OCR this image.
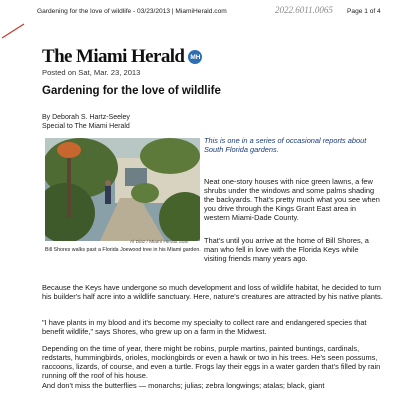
Gardening for the love of wildlife - 03/23/2013 | MiamiHerald.com	2022.6011.0065 Page 1 of 4
The Miami Herald MH
Posted on Sat, Mar. 23, 2013
Gardening for the love of wildlife
By Deborah S. Hartz-Seeley
Special to The Miami Herald
Al Diaz / Miami Herald Staff
Bill Shores walks past a Florida Joewood tree in his Miami garden.
This is one in a series of occasional reports about South Florida gardens.
Neat one-story houses with nice green lawns, a few shrubs under the windows and some palms shading the backyards. That's pretty much what you see when you drive through the Kings Grant East area in western Miami-Dade County.
That's until you arrive at the home of Bill Shores, a man who fell in love with the Florida Keys while visiting friends many years ago.
Because the Keys have undergone so much development and loss of wildlife habitat, he decided to turn his builder's half acre into a wildlife sanctuary. Here, nature's creatures are attracted by his native plants.
"I have plants in my blood and it's become my specialty to collect rare and endangered species that benefit wildlife," says Shores, who grew up on a farm in the Midwest.
Depending on the time of year, there might be robins, purple martins, painted buntings, cardinals, redstarts, hummingbirds, orioles, mockingbirds or even a hawk or two in his trees. He's seen possums, raccoons, lizards, of course, and even a turtle. Frogs lay their eggs in a water garden that's filled by rain running off the roof of his house.
And don't miss the butterflies — monarchs; julias; zebra longwings; atalas; black, giant
